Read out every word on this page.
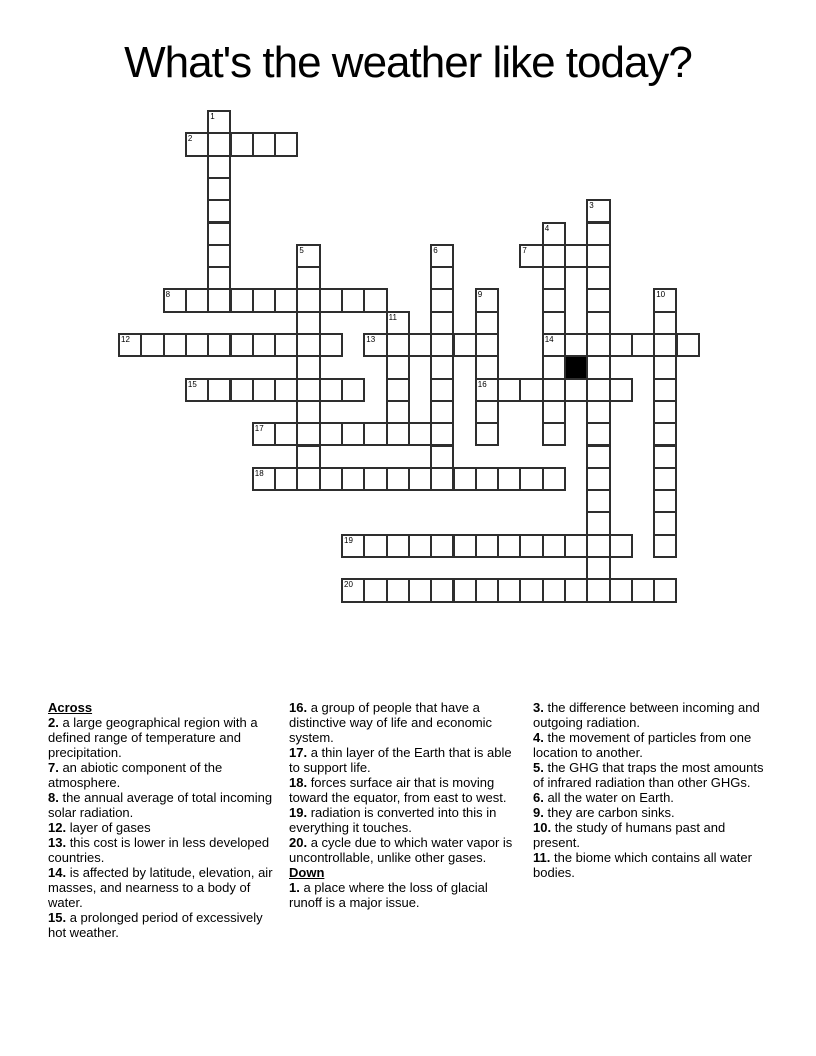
What's the weather like today?
1
2
3
4
14
5	6	7
8	9
16
10
11
12	13
15
17
18
19
20
Across
2. a large geographical region with a defined range of temperature and precipitation.
7. an abiotic component of the atmosphere.
8. the annual average of total incoming solar radiation.
12. layer of gases
13. this cost is lower in less developed countries.
14. is affected by latitude, elevation, air masses, and nearness to a body of water.
15. a prolonged period of excessively hot weather.
16. a group of people that have a distinctive way of life and economic system.
17. a thin layer of the Earth that is able to support life.
18. forces surface air that is moving toward the equator, from east to west.
19. radiation is converted into this in everything it touches.
20. a cycle due to which water vapor is uncontrollable, unlike other gases.
Down
1. a place where the loss of glacial runoff is a major issue.
3. the difference between incoming and outgoing radiation.
4. the movement of particles from one location to another.
5. the GHG that traps the most amounts of infrared radiation than other GHGs.
6. all the water on Earth.
9. they are carbon sinks.
10. the study of humans past and present.
11. the biome which contains all water bodies.
